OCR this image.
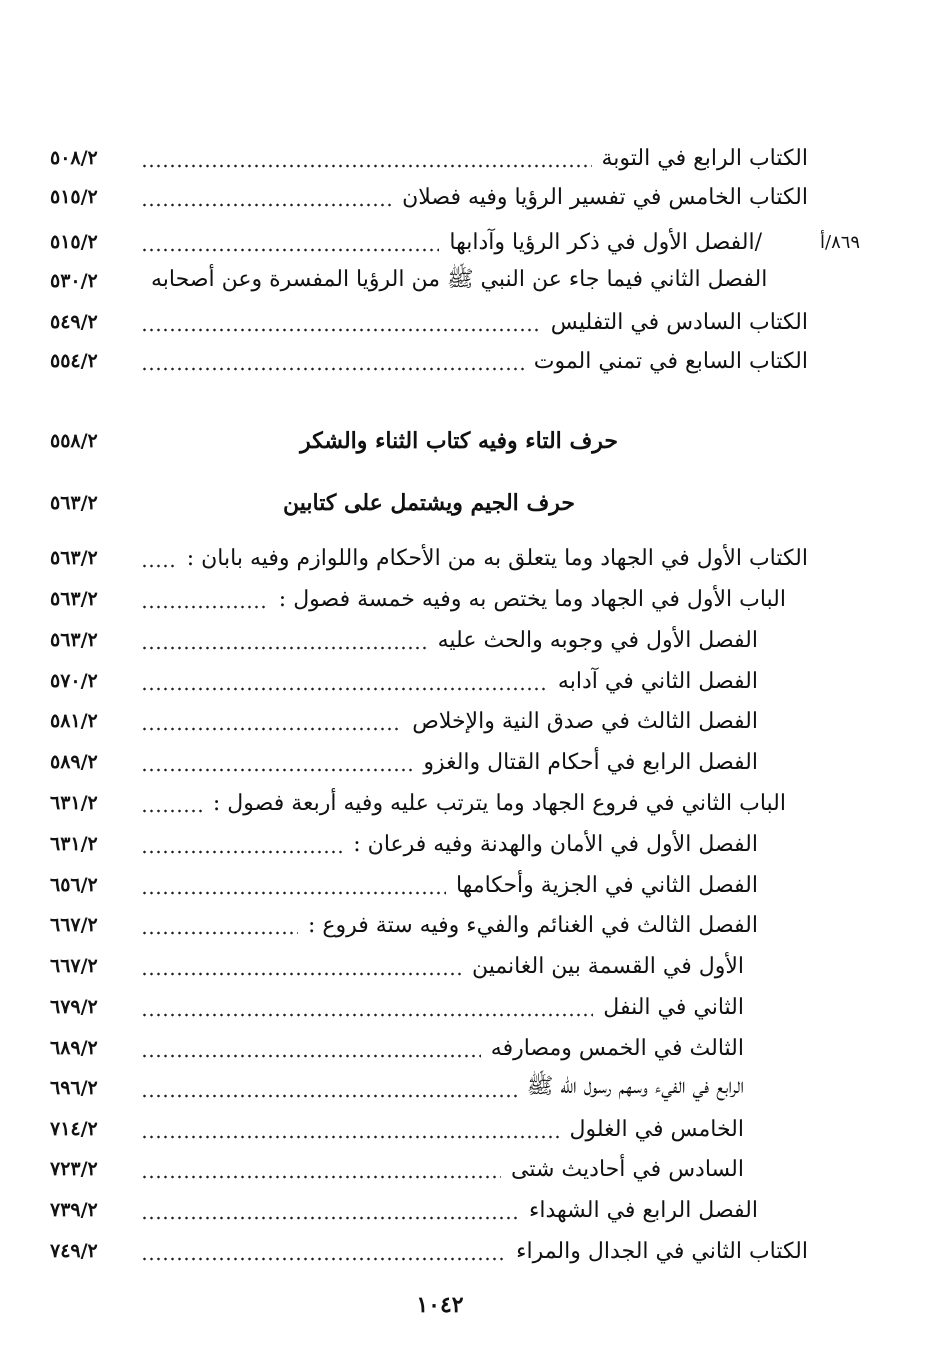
٨٦٩/أ
٥٠٨/٢	الكتاب الرابع في التوبة
٥١٥/٢	الكتاب الخامس في تفسير الرؤيا وفيه فصلان
٥١٥/٢	/الفصل الأول في ذكر الرؤيا وآدابها
٥٣٠/٢	الفصل الثاني فيما جاء عن النبي ﷺ من الرؤيا المفسرة وعن أصحابه
٥٤٩/٢	الكتاب السادس في التفليس
٥٥٤/٢	الكتاب السابع في تمني الموت
٥٥٨/٢	حرف التاء وفيه كتاب الثناء والشكر
٥٦٣/٢	حرف الجيم ويشتمل على كتابين
٥٦٣/٢	الكتاب الأول في الجهاد وما يتعلق به من الأحكام واللوازم وفيه بابان :
٥٦٣/٢	الباب الأول في الجهاد وما يختص به وفيه خمسة فصول :
٥٦٣/٢	الفصل الأول في وجوبه والحث عليه
٥٧٠/٢	الفصل الثاني في آدابه
٥٨١/٢	الفصل الثالث في صدق النية والإخلاص
٥٨٩/٢	الفصل الرابع في أحكام القتال والغزو
٦٣١/٢	الباب الثاني في فروع الجهاد وما يترتب عليه وفيه أربعة فصول :
٦٣١/٢	الفصل الأول في الأمان والهدنة وفيه فرعان :
٦٥٦/٢	الفصل الثاني في الجزية وأحكامها
٦٦٧/٢	الفصل الثالث في الغنائم والفيء وفيه ستة فروع :
٦٦٧/٢	الأول في القسمة بين الغانمين
٦٧٩/٢	الثاني في النفل
٦٨٩/٢	الثالث في الخمس ومصارفه
٦٩٦/٢	الرابع في الفيء وسهم رسول الله ﷺ
٧١٤/٢	الخامس في الغلول
٧٢٣/٢	السادس في أحاديث شتى
٧٣٩/٢	الفصل الرابع في الشهداء
٧٤٩/٢	الكتاب الثاني في الجدال والمراء
١٠٤٢
